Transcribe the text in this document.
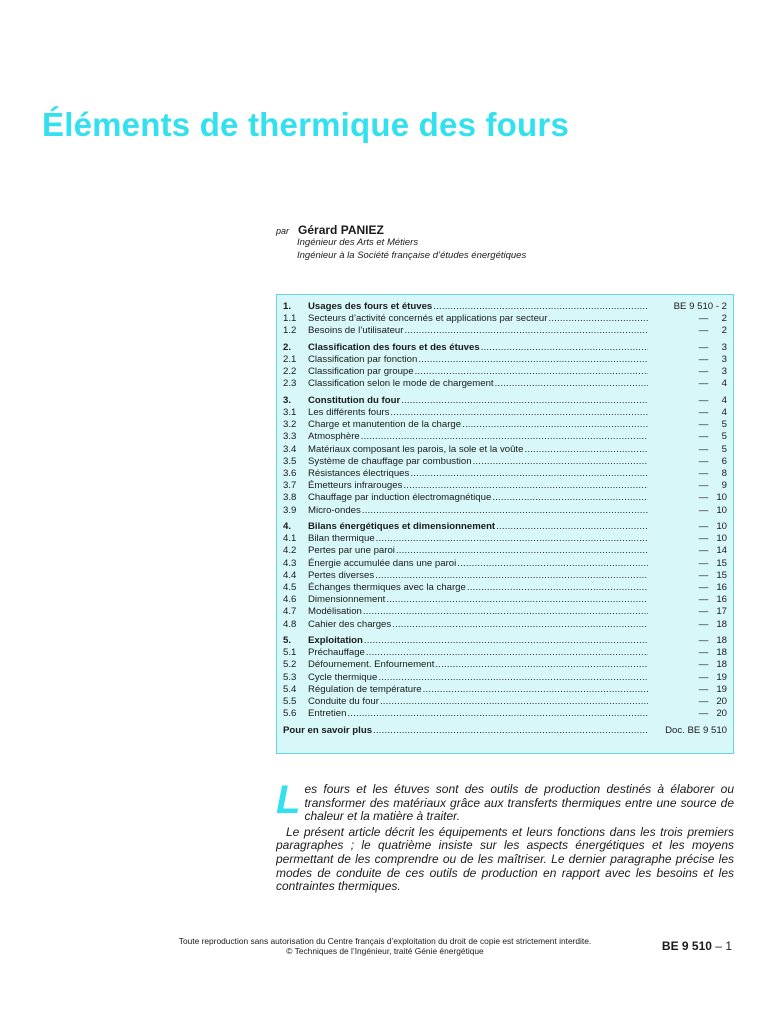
Éléments de thermique des fours
par Gérard PANIEZ
Ingénieur des Arts et Métiers
Ingénieur à la Société française d’études énergétiques
1.	Usages des fours et étuves .....	BE 9 510 - 2
1.1	Secteurs d’activité concernés et applications par secteur .....	—     2
1.2	Besoins de l’utilisateur .....	—     2
2.	Classification des fours et des étuves .....	—     3
2.1	Classification par fonction .....	—     3
2.2	Classification par groupe .....	—     3
2.3	Classification selon le mode de chargement .....	—     4
3.	Constitution du four .....	—     4
3.1	Les différents fours .....	—     4
3.2	Charge et manutention de la charge .....	—     5
3.3	Atmosphère .....	—     5
3.4	Matériaux composant les parois, la sole et la voûte .....	—     5
3.5	Système de chauffage par combustion .....	—     6
3.6	Résistances électriques .....	—     8
3.7	Émetteurs infrarouges .....	—     9
3.8	Chauffage par induction électromagnétique .....	—   10
3.9	Micro-ondes .....	—   10
4.	Bilans énergétiques et dimensionnement .....	—   10
4.1	Bilan thermique .....	—   10
4.2	Pertes par une paroi .....	—   14
4.3	Énergie accumulée dans une paroi .....	—   15
4.4	Pertes diverses .....	—   15
4.5	Échanges thermiques avec la charge .....	—   16
4.6	Dimensionnement .....	—   16
4.7	Modélisation .....	—   17
4.8	Cahier des charges .....	—   18
5.	Exploitation .....	—   18
5.1	Préchauffage .....	—   18
5.2	Défournement. Enfournement .....	—   18
5.3	Cycle thermique .....	—   19
5.4	Régulation de température .....	—   19
5.5	Conduite du four .....	—   20
5.6	Entretien .....	—   20
Pour en savoir plus .....	Doc. BE 9 510

Les fours et les étuves sont des outils de production destinés à élaborer ou transformer des matériaux grâce aux transferts thermiques entre une source de chaleur et la matière à traiter.

Le présent article décrit les équipements et leurs fonctions dans les trois premiers paragraphes ; le quatrième insiste sur les aspects énergétiques et les moyens permettant de les comprendre ou de les maîtriser. Le dernier paragraphe précise les modes de conduite de ces outils de production en rapport avec les besoins et les contraintes thermiques.

Toute reproduction sans autorisation du Centre français d’exploitation du droit de copie est strictement interdite.
© Techniques de l’Ingénieur, traité Génie énergétique	BE 9 510 – 1
